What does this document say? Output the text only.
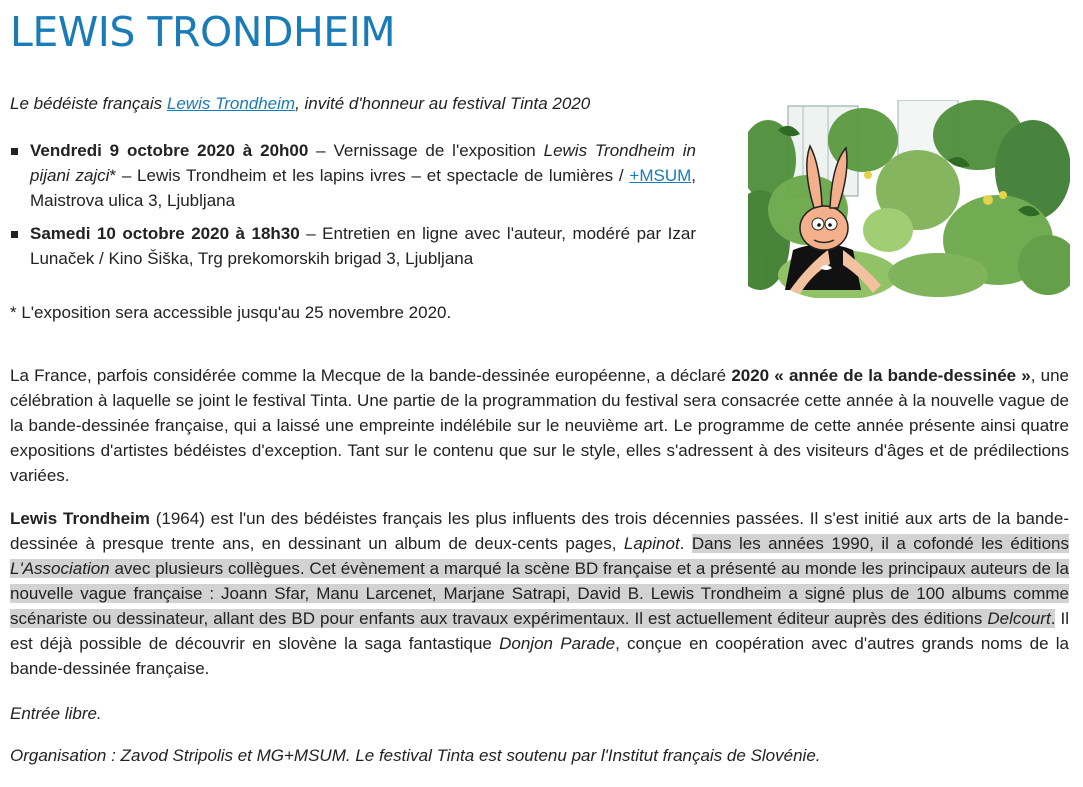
LEWIS TRONDHEIM

Le bédéiste français Lewis Trondheim, invité d'honneur au festival Tinta 2020

Vendredi 9 octobre 2020 à 20h00 – Vernissage de l'exposition Lewis Trondheim in pijani zajci* – Lewis Trondheim et les lapins ivres – et spectacle de lumières / +MSUM, Maistrova ulica 3, Ljubljana
Samedi 10 octobre 2020 à 18h30 – Entretien en ligne avec l'auteur, modéré par Izar Lunaček / Kino Šiška, Trg prekomorskih brigad 3, Ljubljana

* L'exposition sera accessible jusqu'au 25 novembre 2020.

La France, parfois considérée comme la Mecque de la bande-dessinée européenne, a déclaré 2020 « année de la bande-dessinée », une célébration à laquelle se joint le festival Tinta. Une partie de la programmation du festival sera consacrée cette année à la nouvelle vague de la bande-dessinée française, qui a laissé une empreinte indélébile sur le neuvième art. Le programme de cette année présente ainsi quatre expositions d'artistes bédéistes d'exception. Tant sur le contenu que sur le style, elles s'adressent à des visiteurs d'âges et de prédilections variées.

Lewis Trondheim (1964) est l'un des bédéistes français les plus influents des trois décennies passées. Il s'est initié aux arts de la bande-dessinée à presque trente ans, en dessinant un album de deux-cents pages, Lapinot. Dans les années 1990, il a cofondé les éditions L'Association avec plusieurs collègues. Cet évènement a marqué la scène BD française et a présenté au monde les principaux auteurs de la nouvelle vague française : Joann Sfar, Manu Larcenet, Marjane Satrapi, David B. Lewis Trondheim a signé plus de 100 albums comme scénariste ou dessinateur, allant des BD pour enfants aux travaux expérimentaux. Il est actuellement éditeur auprès des éditions Delcourt. Il est déjà possible de découvrir en slovène la saga fantastique Donjon Parade, conçue en coopération avec d'autres grands noms de la bande-dessinée française.

Entrée libre.

Organisation : Zavod Stripolis et MG+MSUM. Le festival Tinta est soutenu par l'Institut français de Slovénie.
